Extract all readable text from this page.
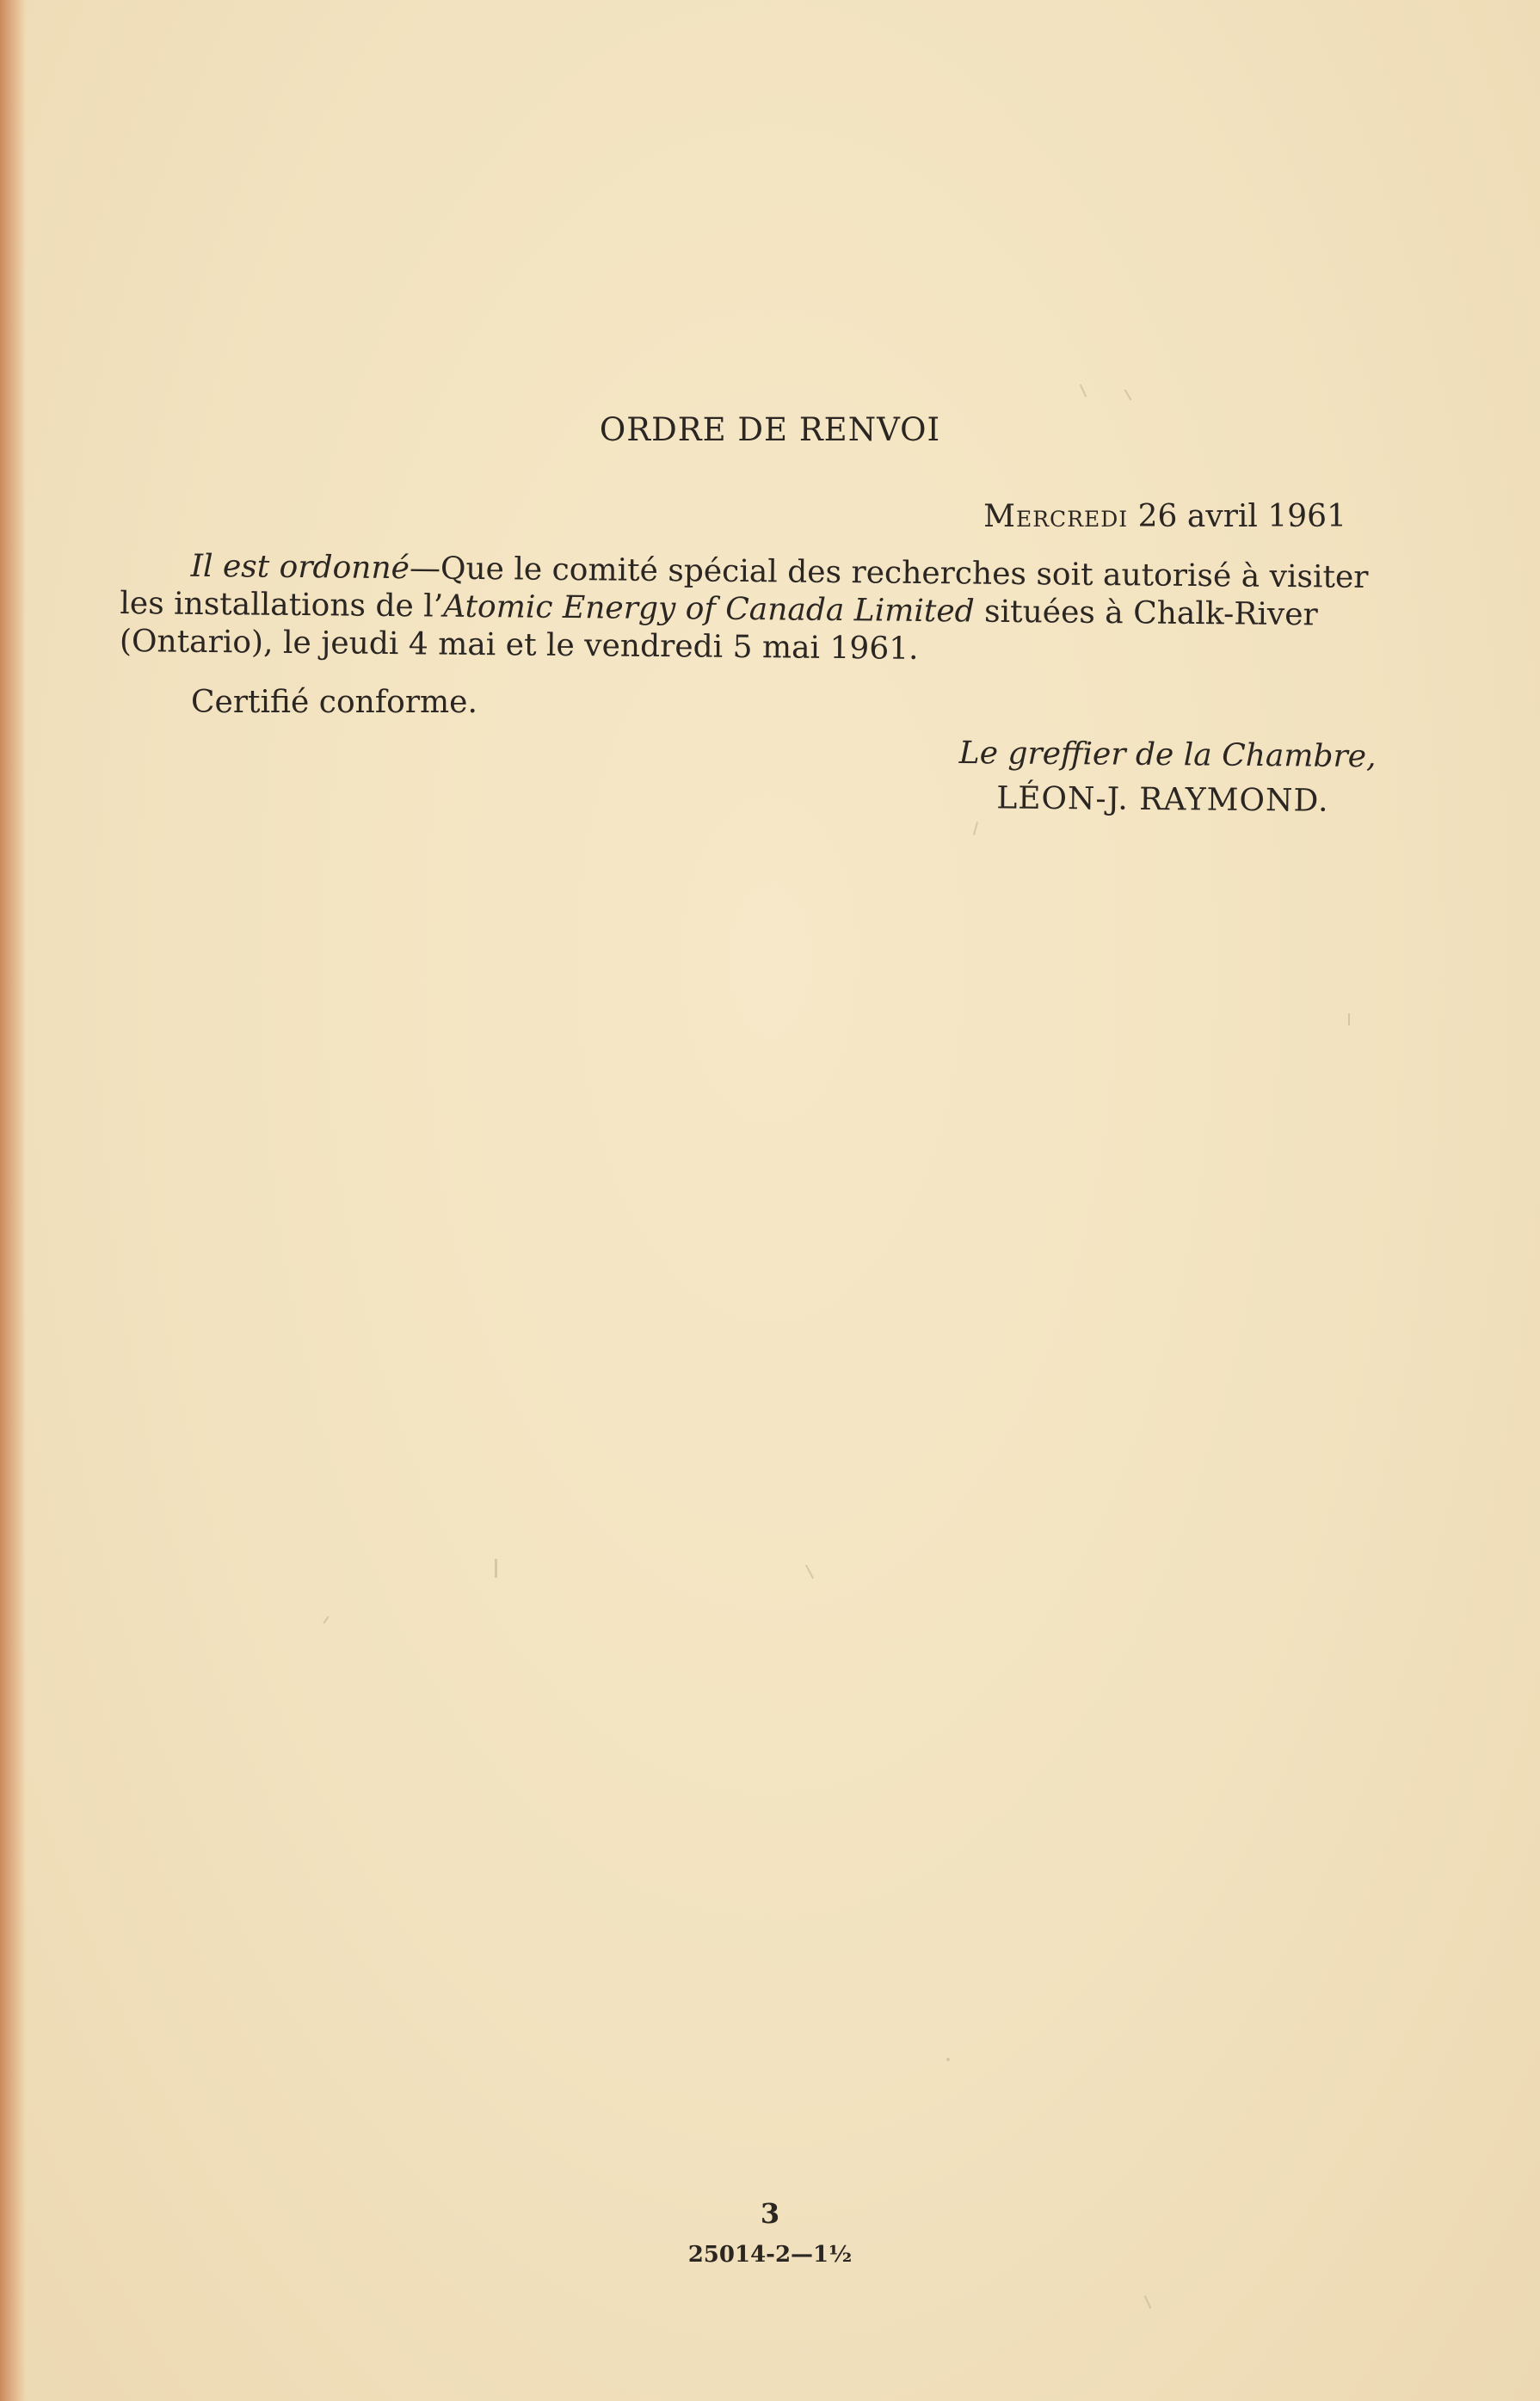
ORDRE DE RENVOI
Mercredi 26 avril 1961

Il est ordonné—Que le comité spécial des recherches soit autorisé à visiter les installations de l’Atomic Energy of Canada Limited situées à Chalk-River (Ontario), le jeudi 4 mai et le vendredi 5 mai 1961.

Certifié conforme.

Le greffier de la Chambre,
LÉON-J. RAYMOND.
3
25014-2—1½
